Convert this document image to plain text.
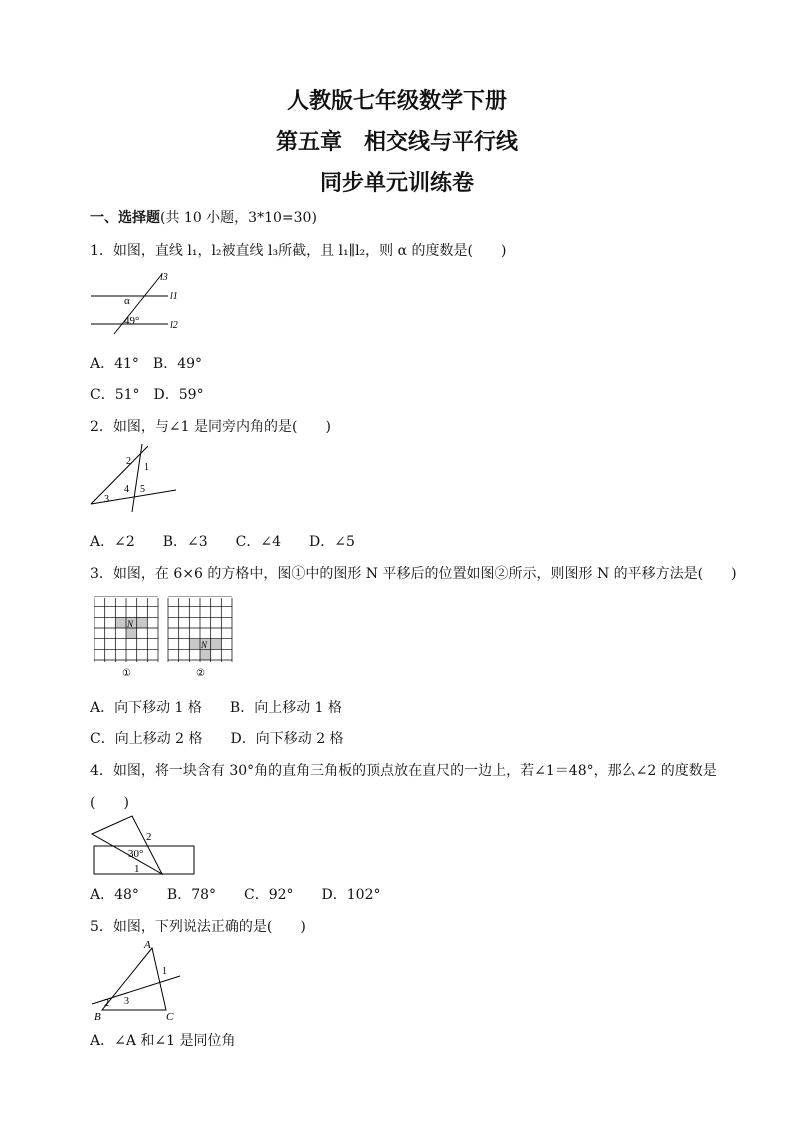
人教版七年级数学下册
第五章　相交线与平行线
同步单元训练卷
一、选择题(共 10 小题，3*10=30)
1．如图，直线 l₁，l₂被直线 l₃所截，且 l₁∥l₂，则 α 的度数是(　　)
l3
l1
l2
α
49°
A．41°　B．49°
C．51°　D．59°
2．如图，与∠1 是同旁内角的是(　　)
2
1
4 5
3
A．∠2　　B．∠3　　C．∠4　　D．∠5
3．如图，在 6×6 的方格中，图①中的图形 N 平移后的位置如图②所示，则图形 N 的平移方法是(　　)
N
①
N
②
A．向下移动 1 格　　B．向上移动 1 格
C．向上移动 2 格　　D．向下移动 2 格
4．如图，将一块含有 30°角的直角三角板的顶点放在直尺的一边上，若∠1＝48°，那么∠2 的度数是
(　　)
2
30°
1
A．48°　　B．78°　　C．92°　　D．102°
5．如图，下列说法正确的是(　　)
A
B	C
1
2 3
A．∠A 和∠1 是同位角
